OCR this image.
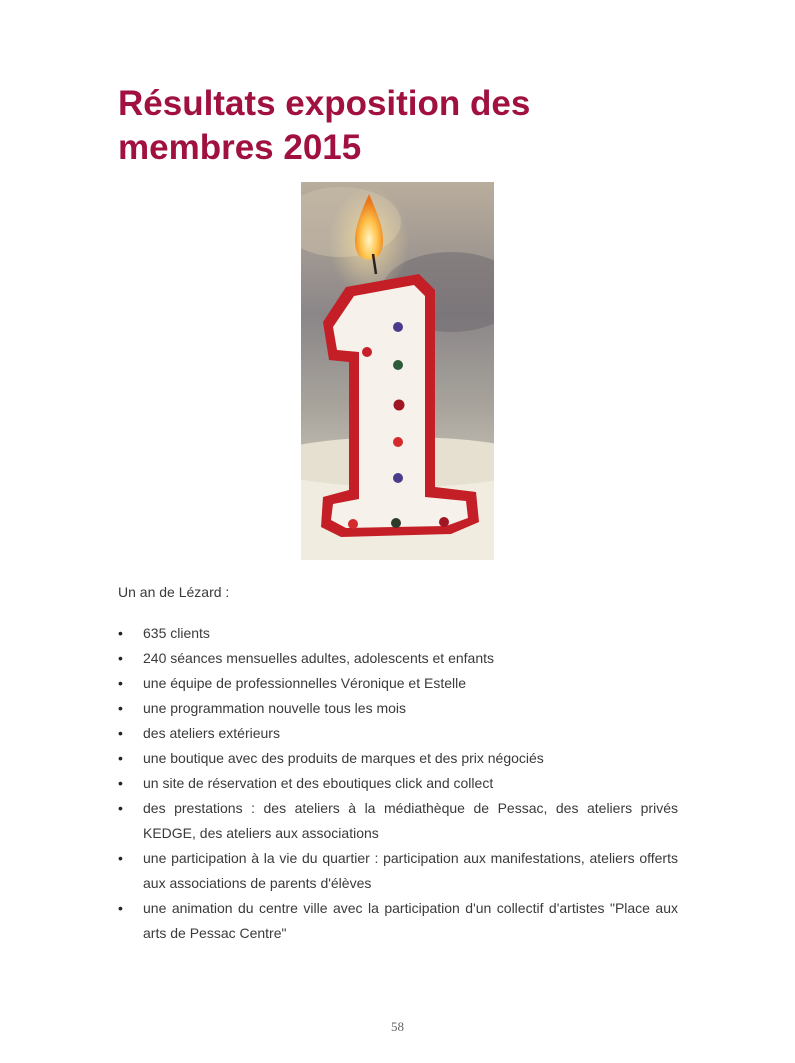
Résultats exposition des membres 2015

Un an de Lézard :

• 635 clients
• 240 séances mensuelles adultes, adolescents et enfants
• une équipe de professionnelles Véronique et Estelle
• une programmation nouvelle tous les mois
• des ateliers extérieurs
• une boutique avec des produits de marques et des prix négociés
• un site de réservation et des eboutiques click and collect
• des prestations : des ateliers à la médiathèque de Pessac, des ateliers privés KEDGE, des ateliers aux associations
• une participation à la vie du quartier : participation aux manifestations, ateliers offerts aux associations de parents d'élèves
• une animation du centre ville avec la participation d'un collectif d'artistes "Place aux arts de Pessac Centre"
58
